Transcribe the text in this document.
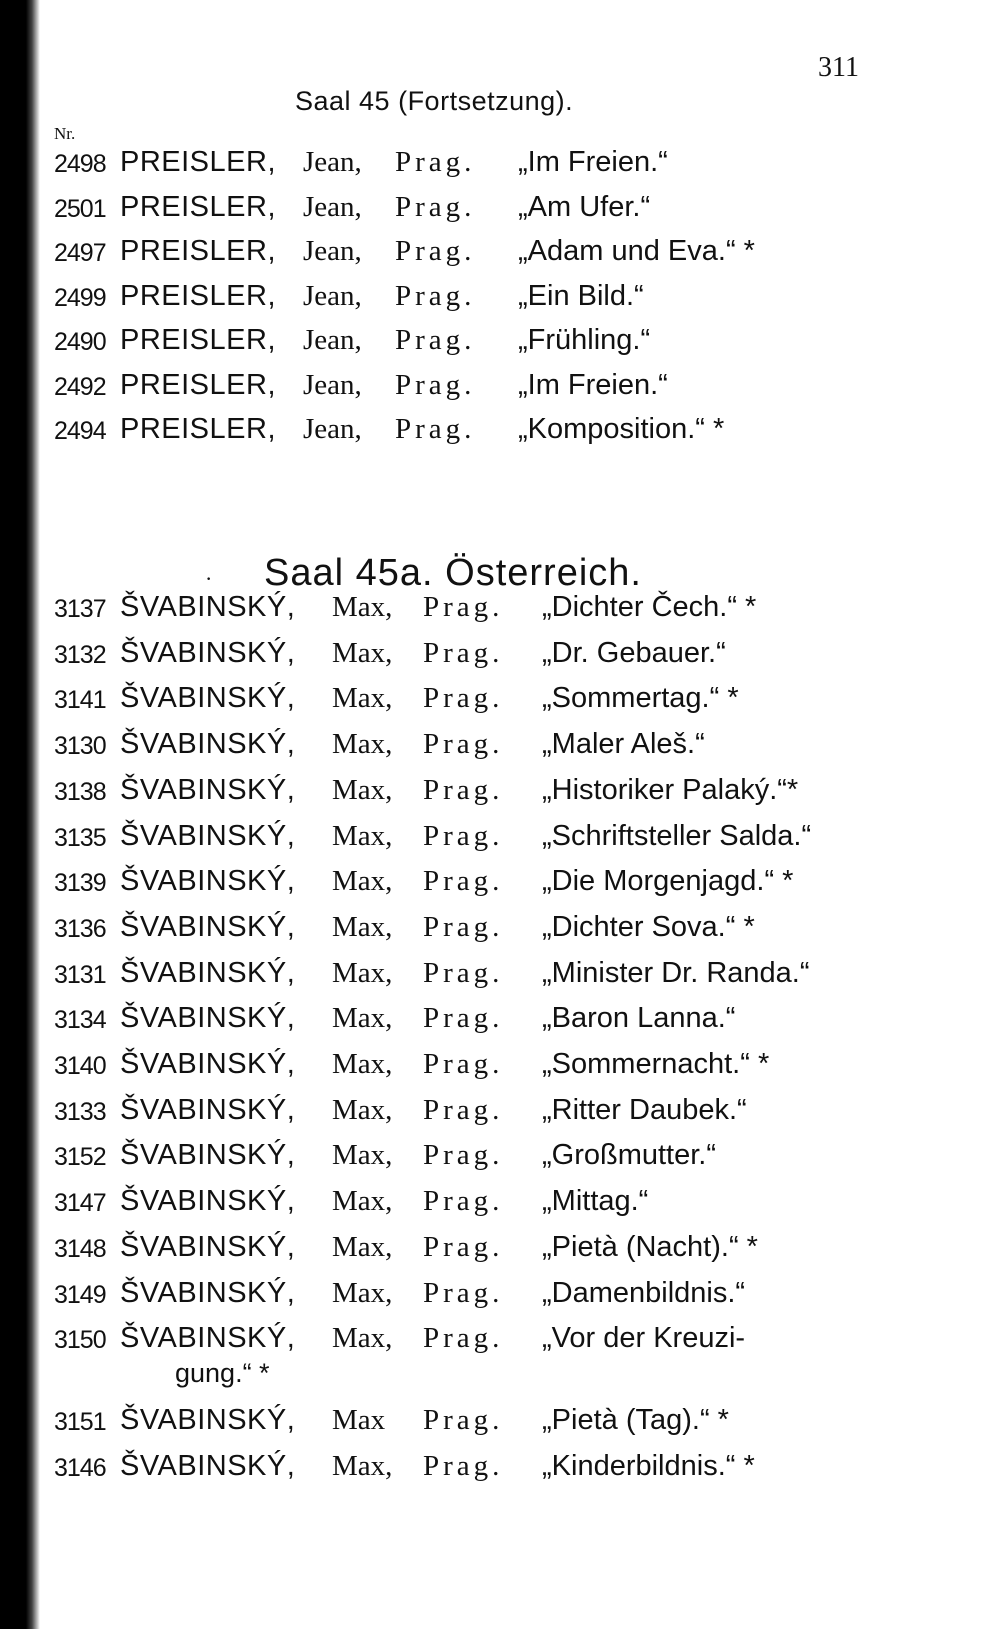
311
Saal 45 (Fortsetzung).
Nr.
2498 PREISLER, Jean, Prag. „Im Freien.“
2501 PREISLER, Jean, Prag. „Am Ufer.“
2497 PREISLER, Jean, Prag. „Adam und Eva.“ *
2499 PREISLER, Jean, Prag. „Ein Bild.“
2490 PREISLER, Jean, Prag. „Frühling.“
2492 PREISLER, Jean, Prag. „Im Freien.“
2494 PREISLER, Jean, Prag. „Komposition.“ *
· Saal 45a. Österreich.
3137 ŠVABINSKÝ, Max, Prag. „Dichter Čech.“ *
3132 ŠVABINSKÝ, Max, Prag. „Dr. Gebauer.“
3141 ŠVABINSKÝ, Max, Prag. „Sommertag.“ *
3130 ŠVABINSKÝ, Max, Prag. „Maler Aleš.“
3138 ŠVABINSKÝ, Max, Prag. „Historiker Palaký.“*
3135 ŠVABINSKÝ, Max, Prag. „Schriftsteller Salda.“
3139 ŠVABINSKÝ, Max, Prag. „Die Morgenjagd.“ *
3136 ŠVABINSKÝ, Max, Prag. „Dichter Sova.“ *
3131 ŠVABINSKÝ, Max, Prag. „Minister Dr. Randa.“
3134 ŠVABINSKÝ, Max, Prag. „Baron Lanna.“
3140 ŠVABINSKÝ, Max, Prag. „Sommernacht.“ *
3133 ŠVABINSKÝ, Max, Prag. „Ritter Daubek.“
3152 ŠVABINSKÝ, Max, Prag. „Großmutter.“
3147 ŠVABINSKÝ, Max, Prag. „Mittag.“
3148 ŠVABINSKÝ, Max, Prag. „Pietà (Nacht).“ *
3149 ŠVABINSKÝ, Max, Prag. „Damenbildnis.“
3150 ŠVABINSKÝ, Max, Prag. „Vor der Kreuzi-
gung.“ *
3151 ŠVABINSKÝ, Max Prag. „Pietà (Tag).“ *
3146 ŠVABINSKÝ, Max, Prag. „Kinderbildnis.“ *
